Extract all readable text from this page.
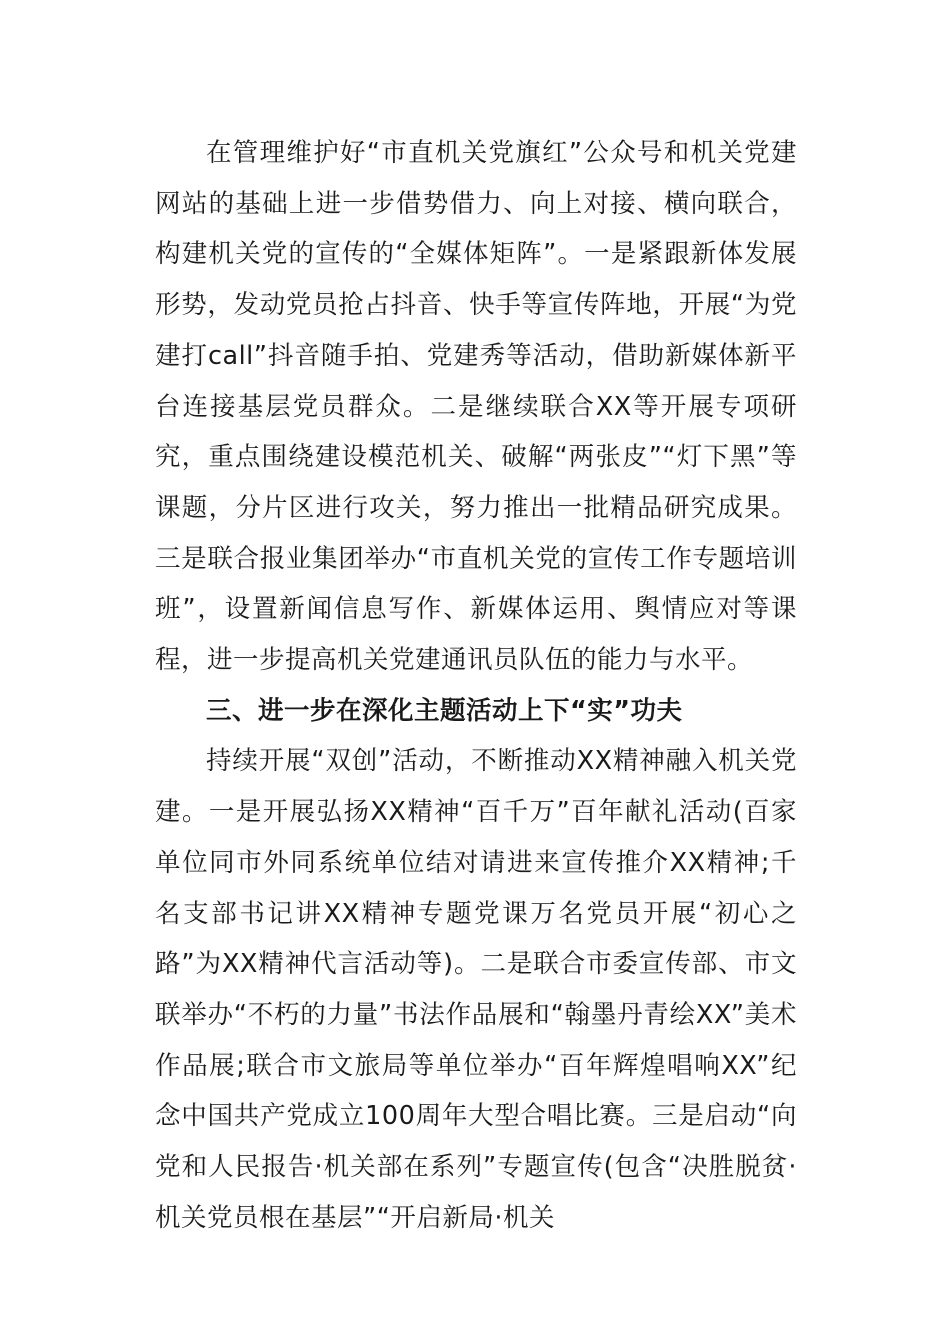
在管理维护好“市直机关党旗红”公众号和机关党建网站的基础上进一步借势借力、向上对接、横向联合，构建机关党的宣传的“全媒体矩阵”。一是紧跟新体发展形势，发动党员抢占抖音、快手等宣传阵地，开展“为党建打call”抖音随手拍、党建秀等活动，借助新媒体新平台连接基层党员群众。二是继续联合XX等开展专项研究，重点围绕建设模范机关、破解“两张皮”“灯下黑”等课题，分片区进行攻关，努力推出一批精品研究成果。三是联合报业集团举办“市直机关党的宣传工作专题培训班”，设置新闻信息写作、新媒体运用、舆情应对等课程，进一步提高机关党建通讯员队伍的能力与水平。

三、进一步在深化主题活动上下“实”功夫

持续开展“双创”活动，不断推动XX精神融入机关党建。一是开展弘扬XX精神“百千万”百年献礼活动(百家单位同市外同系统单位结对请进来宣传推介XX精神;千名支部书记讲XX精神专题党课万名党员开展“初心之路”为XX精神代言活动等)。二是联合市委宣传部、市文联举办“不朽的力量”书法作品展和“翰墨丹青绘XX”美术作品展;联合市文旅局等单位举办“百年辉煌唱响XX”纪念中国共产党成立100周年大型合唱比赛。三是启动“向党和人民报告·机关部在系列”专题宣传(包含“决胜脱贫·机关党员根在基层”“开启新局·机关
